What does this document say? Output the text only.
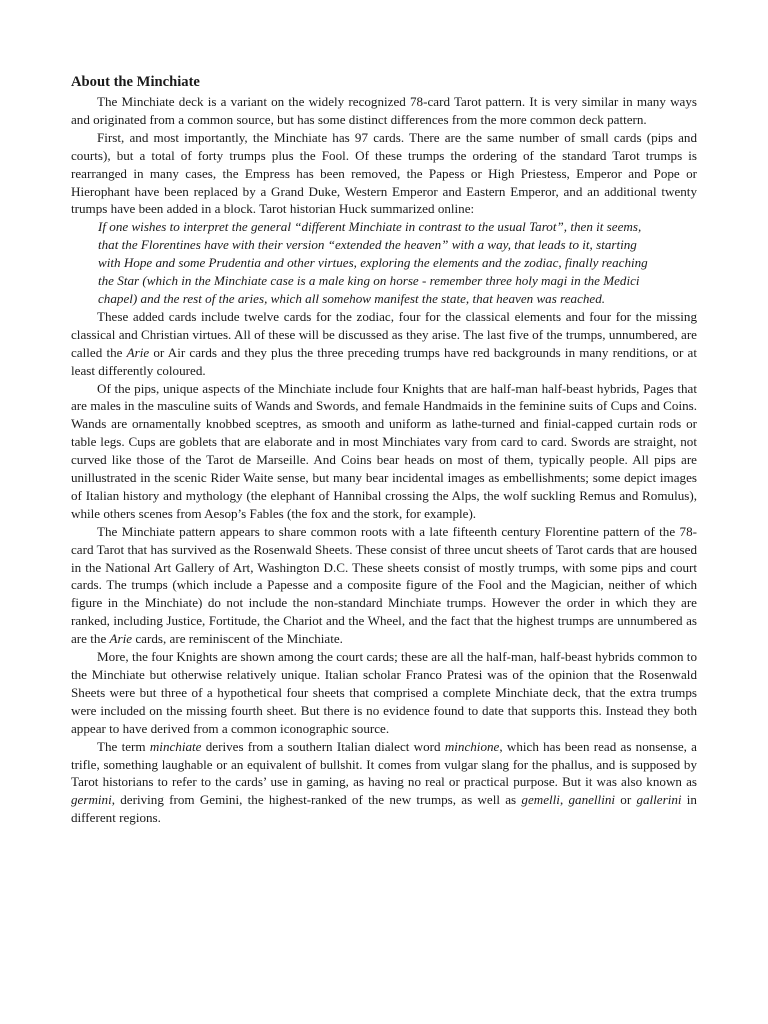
About the Minchiate

The Minchiate deck is a variant on the widely recognized 78-card Tarot pattern. It is very similar in many ways and originated from a common source, but has some distinct differences from the more common deck pattern.

First, and most importantly, the Minchiate has 97 cards. There are the same number of small cards (pips and courts), but a total of forty trumps plus the Fool. Of these trumps the ordering of the standard Tarot trumps is rearranged in many cases, the Empress has been removed, the Papess or High Priestess, Emperor and Pope or Hierophant have been replaced by a Grand Duke, Western Emperor and Eastern Emperor, and an additional twenty trumps have been added in a block. Tarot historian Huck summarized online:

If one wishes to interpret the general “different Minchiate in contrast to the usual Tarot”, then it seems, that the Florentines have with their version “extended the heaven” with a way, that leads to it, starting with Hope and some Prudentia and other virtues, exploring the elements and the zodiac, finally reaching the Star (which in the Minchiate case is a male king on horse - remember three holy magi in the Medici chapel) and the rest of the aries, which all somehow manifest the state, that heaven was reached.

These added cards include twelve cards for the zodiac, four for the classical elements and four for the missing classical and Christian virtues. All of these will be discussed as they arise. The last five of the trumps, unnumbered, are called the Arie or Air cards and they plus the three preceding trumps have red backgrounds in many renditions, or at least differently coloured.

Of the pips, unique aspects of the Minchiate include four Knights that are half-man half-beast hybrids, Pages that are males in the masculine suits of Wands and Swords, and female Handmaids in the feminine suits of Cups and Coins. Wands are ornamentally knobbed sceptres, as smooth and uniform as lathe-turned and finial-capped curtain rods or table legs. Cups are goblets that are elaborate and in most Minchiates vary from card to card. Swords are straight, not curved like those of the Tarot de Marseille. And Coins bear heads on most of them, typically people. All pips are unillustrated in the scenic Rider Waite sense, but many bear incidental images as embellishments; some depict images of Italian history and mythology (the elephant of Hannibal crossing the Alps, the wolf suckling Remus and Romulus), while others scenes from Aesop’s Fables (the fox and the stork, for example).

The Minchiate pattern appears to share common roots with a late fifteenth century Florentine pattern of the 78-card Tarot that has survived as the Rosenwald Sheets. These consist of three uncut sheets of Tarot cards that are housed in the National Art Gallery of Art, Washington D.C. These sheets consist of mostly trumps, with some pips and court cards. The trumps (which include a Papesse and a composite figure of the Fool and the Magician, neither of which figure in the Minchiate) do not include the non-standard Minchiate trumps. However the order in which they are ranked, including Justice, Fortitude, the Chariot and the Wheel, and the fact that the highest trumps are unnumbered as are the Arie cards, are reminiscent of the Minchiate.

More, the four Knights are shown among the court cards; these are all the half-man, half-beast hybrids common to the Minchiate but otherwise relatively unique. Italian scholar Franco Pratesi was of the opinion that the Rosenwald Sheets were but three of a hypothetical four sheets that comprised a complete Minchiate deck, that the extra trumps were included on the missing fourth sheet. But there is no evidence found to date that supports this. Instead they both appear to have derived from a common iconographic source.

The term minchiate derives from a southern Italian dialect word minchione, which has been read as nonsense, a trifle, something laughable or an equivalent of bullshit. It comes from vulgar slang for the phallus, and is supposed by Tarot historians to refer to the cards’ use in gaming, as having no real or practical purpose. But it was also known as germini, deriving from Gemini, the highest-ranked of the new trumps, as well as gemelli, ganellini or gallerini in different regions.
